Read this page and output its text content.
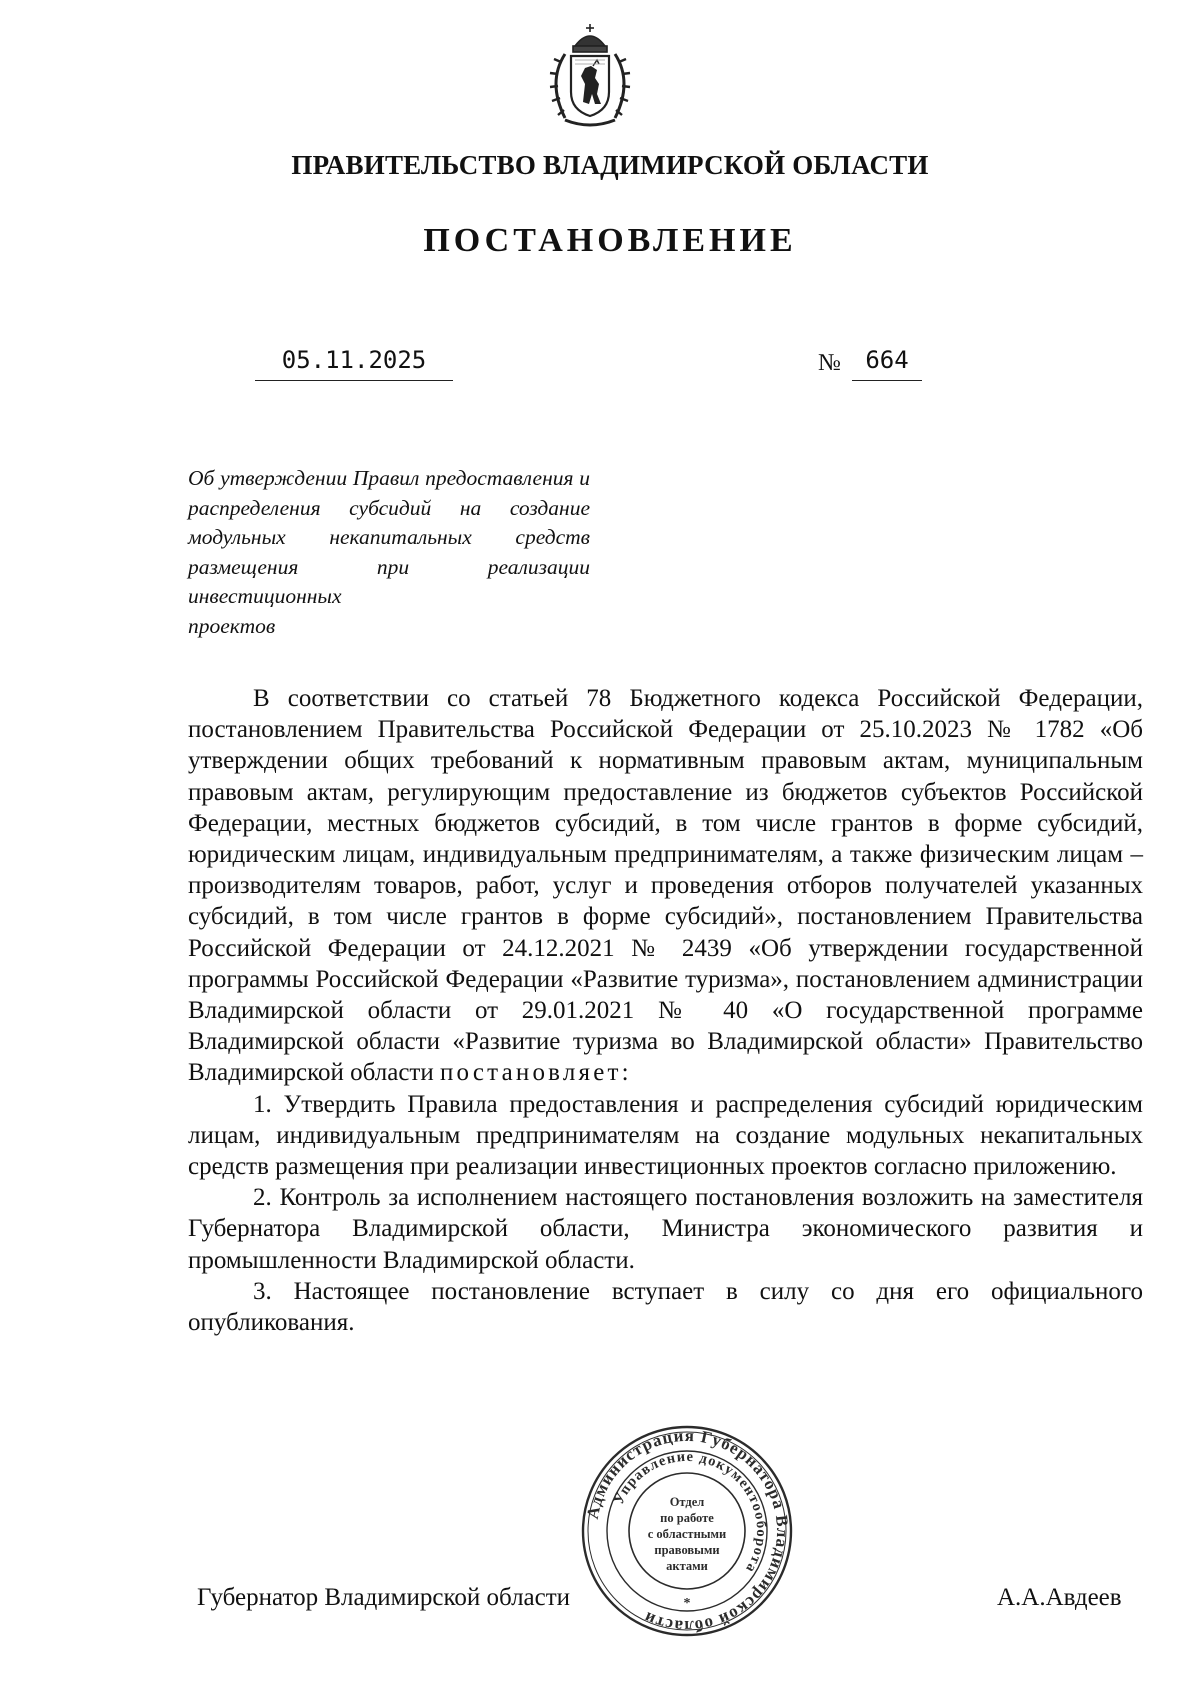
ПРАВИТЕЛЬСТВО ВЛАДИМИРСКОЙ ОБЛАСТИ
ПОСТАНОВЛЕНИЕ
05.11.2025	№	664
Об утверждении Правил предоставления и распределения субсидий на создание модульных некапитальных средств размещения	при реализации инвестиционных
проектов

В соответствии со статьей 78 Бюджетного кодекса Российской Федерации, постановлением Правительства Российской Федерации от 25.10.2023 № 1782 «Об утверждении общих требований к нормативным правовым актам, муниципальным правовым актам, регулирующим предоставление из бюджетов субъектов Российской Федерации, местных бюджетов субсидий, в том числе грантов в форме субсидий, юридическим лицам, индивидуальным предпринимателям, а также физическим лицам – производителям товаров, работ, услуг и проведения отборов получателей указанных субсидий, в том числе грантов в форме субсидий», постановлением Правительства Российской Федерации от 24.12.2021 № 2439 «Об утверждении государственной программы Российской Федерации «Развитие туризма», постановлением администрации Владимирской области от 29.01.2021 № 40 «О государственной программе Владимирской области «Развитие туризма во Владимирской области» Правительство Владимирской области постановляет:

1. Утвердить Правила предоставления и распределения субсидий юридическим лицам, индивидуальным предпринимателям на создание модульных некапитальных средств размещения при реализации инвестиционных проектов согласно приложению.

2. Контроль за исполнением настоящего постановления возложить на заместителя Губернатора Владимирской области, Министра экономического развития и промышленности Владимирской области.

3. Настоящее постановление вступает в силу со дня его официального опубликования.

Губернатор Владимирской области	А.А.Авдеев
Администрация Губернатора Владимирской области
Управление документооборота
Отдел
по работе
с областными
правовыми
актами
*
